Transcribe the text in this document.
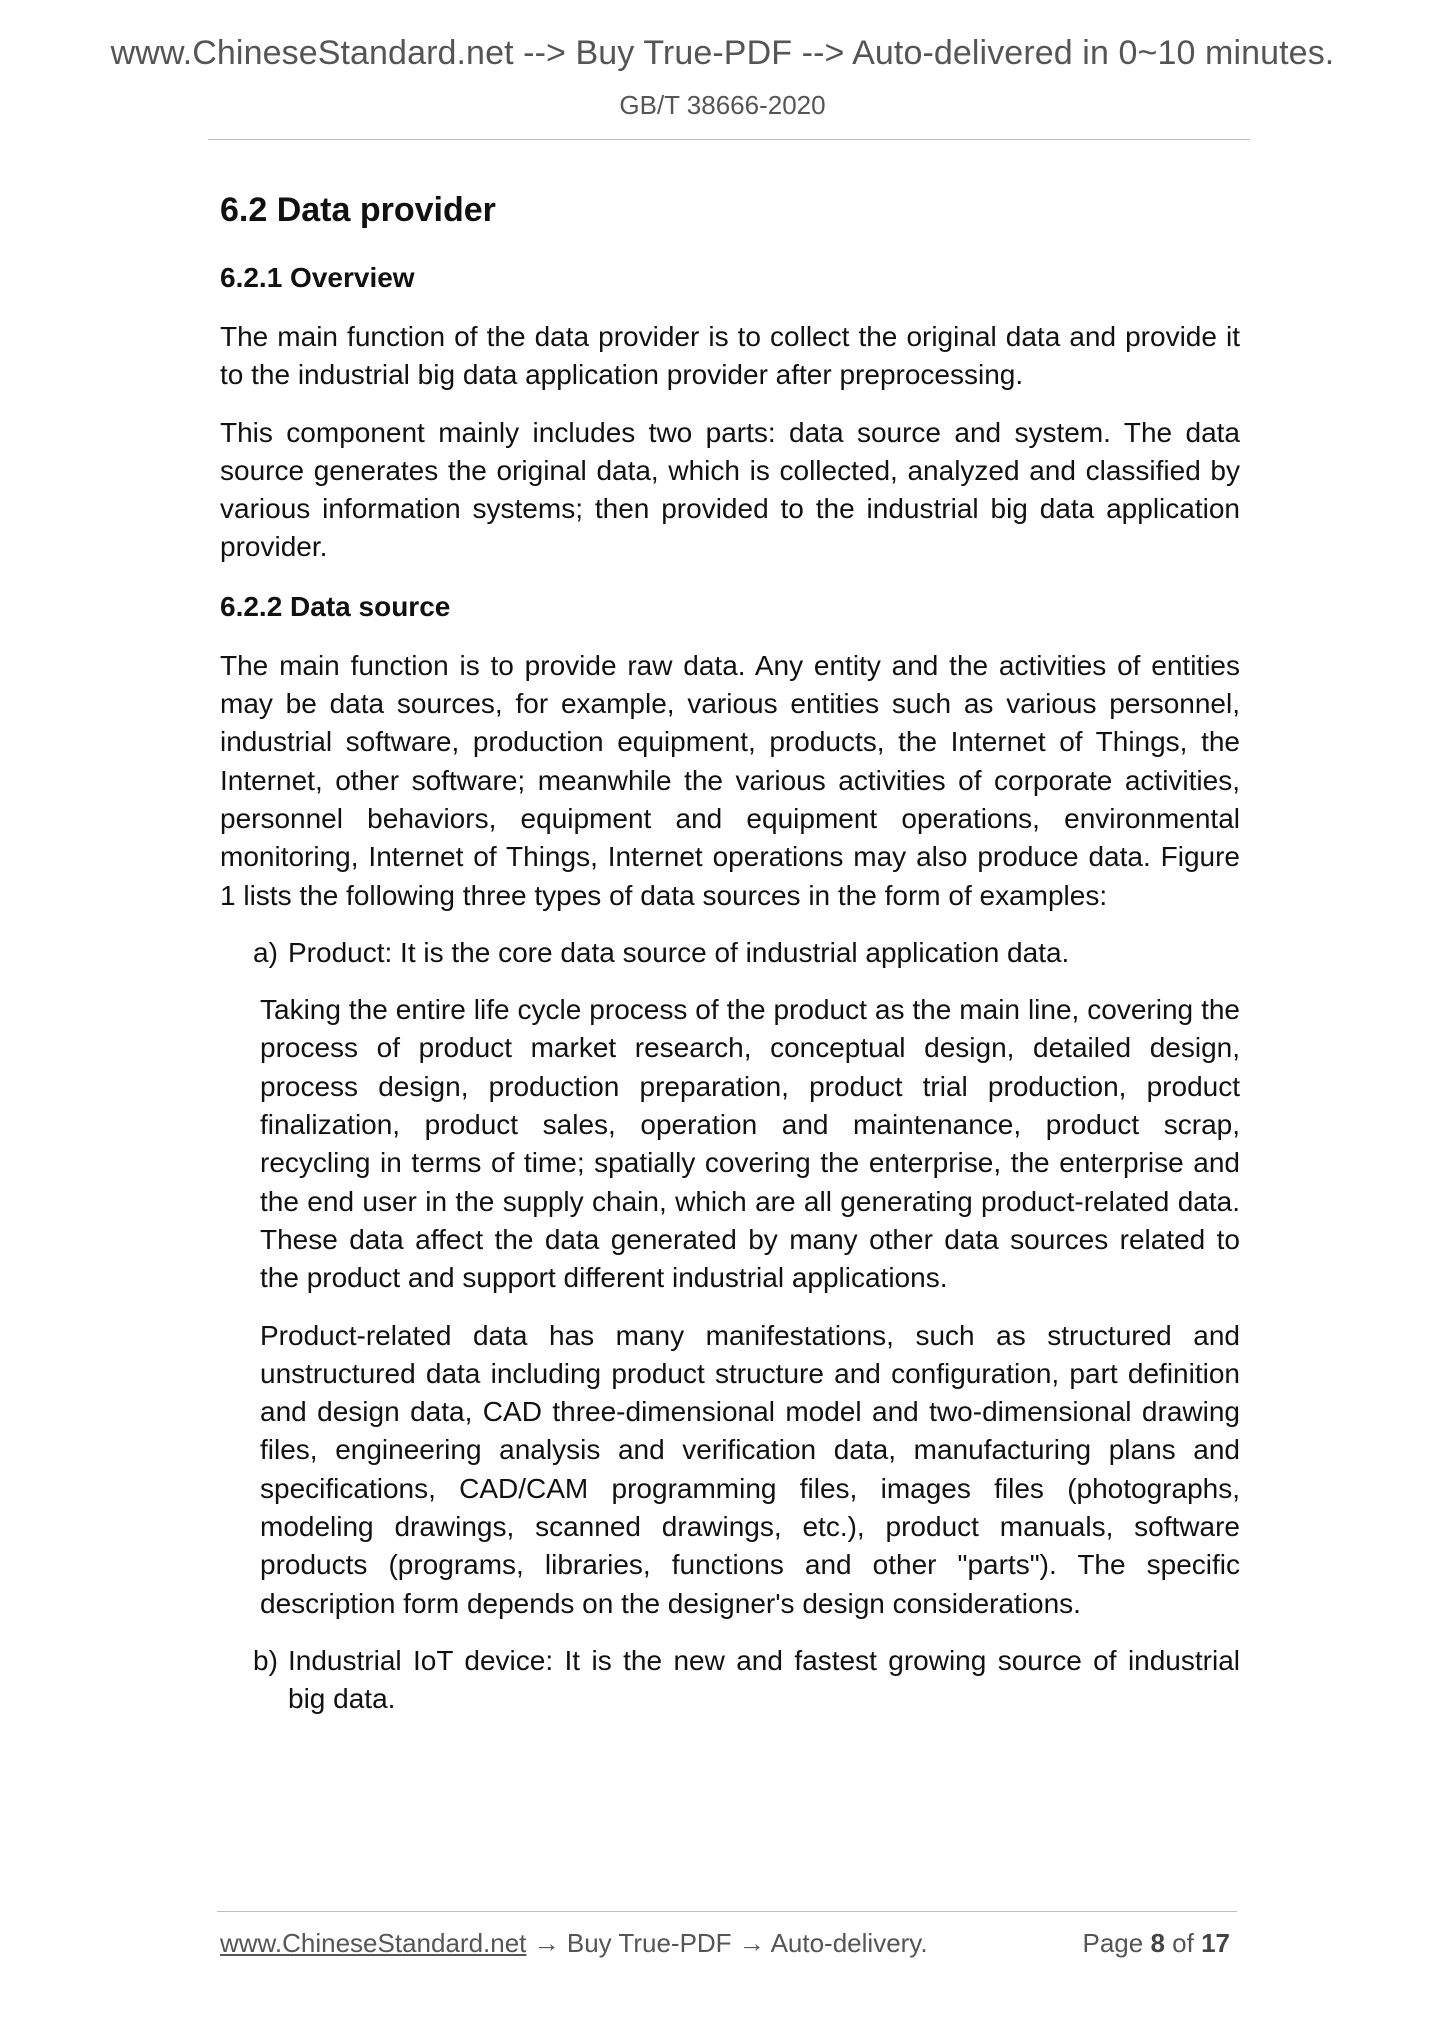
www.ChineseStandard.net --> Buy True-PDF --> Auto-delivered in 0~10 minutes.
GB/T 38666-2020
6.2 Data provider
6.2.1 Overview

The main function of the data provider is to collect the original data and provide it to the industrial big data application provider after preprocessing.

This component mainly includes two parts: data source and system. The data source generates the original data, which is collected, analyzed and classified by various information systems; then provided to the industrial big data application provider.

6.2.2 Data source

The main function is to provide raw data. Any entity and the activities of entities may be data sources, for example, various entities such as various personnel, industrial software, production equipment, products, the Internet of Things, the Internet, other software; meanwhile the various activities of corporate activities, personnel behaviors, equipment and equipment operations, environmental monitoring, Internet of Things, Internet operations may also produce data. Figure 1 lists the following three types of data sources in the form of examples:

a) Product: It is the core data source of industrial application data.

Taking the entire life cycle process of the product as the main line, covering the process of product market research, conceptual design, detailed design, process design, production preparation, product trial production, product finalization, product sales, operation and maintenance, product scrap, recycling in terms of time; spatially covering the enterprise, the enterprise and the end user in the supply chain, which are all generating product-related data. These data affect the data generated by many other data sources related to the product and support different industrial applications.

Product-related data has many manifestations, such as structured and unstructured data including product structure and configuration, part definition and design data, CAD three-dimensional model and two-dimensional drawing files, engineering analysis and verification data, manufacturing plans and specifications, CAD/CAM programming files, images files (photographs, modeling drawings, scanned drawings, etc.), product manuals, software products (programs, libraries, functions and other "parts"). The specific description form depends on the designer's design considerations.

b) Industrial IoT device: It is the new and fastest growing source of industrial big data.
www.ChineseStandard.net → Buy True-PDF → Auto-delivery.	Page 8 of 17
